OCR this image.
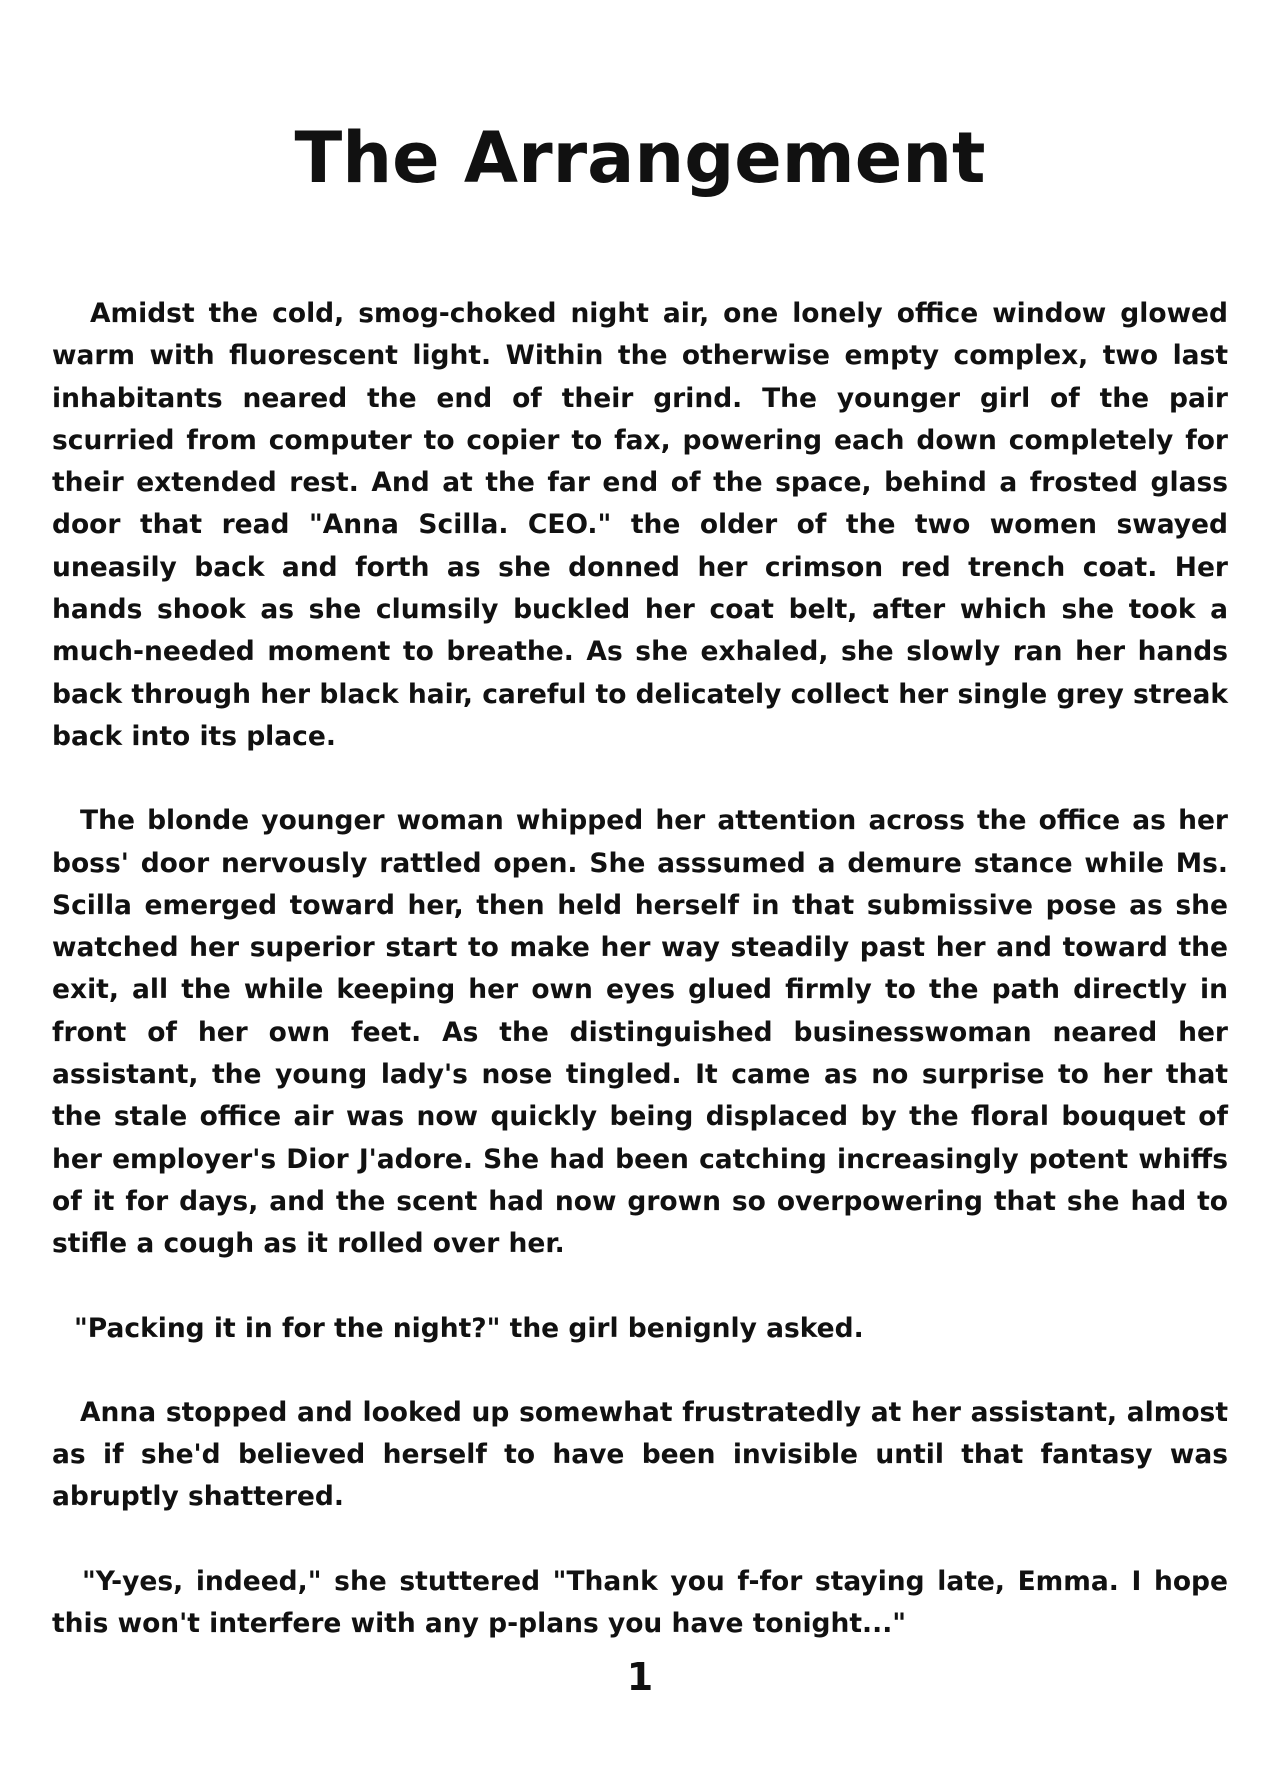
The Arrangement

Amidst the cold, smog-choked night air, one lonely office window glowed warm with fluorescent light. Within the otherwise empty complex, two last inhabitants neared the end of their grind. The younger girl of the pair scurried from computer to copier to fax, powering each down completely for their extended rest. And at the far end of the space, behind a frosted glass door that read "Anna Scilla. CEO." the older of the two women swayed uneasily back and forth as she donned her crimson red trench coat. Her hands shook as she clumsily buckled her coat belt, after which she took a much-needed moment to breathe. As she exhaled, she slowly ran her hands back through her black hair, careful to delicately collect her single grey streak back into its place.

The blonde younger woman whipped her attention across the office as her boss' door nervously rattled open. She asssumed a demure stance while Ms. Scilla emerged toward her, then held herself in that submissive pose as she watched her superior start to make her way steadily past her and toward the exit, all the while keeping her own eyes glued firmly to the path directly in front of her own feet. As the distinguished businesswoman neared her assistant, the young lady's nose tingled. It came as no surprise to her that the stale office air was now quickly being displaced by the floral bouquet of her employer's Dior J'adore. She had been catching increasingly potent whiffs of it for days, and the scent had now grown so overpowering that she had to stifle a cough as it rolled over her.

"Packing it in for the night?" the girl benignly asked.

Anna stopped and looked up somewhat frustratedly at her assistant, almost as if she'd believed herself to have been invisible until that fantasy was abruptly shattered.

"Y-yes, indeed," she stuttered "Thank you f-for staying late, Emma. I hope this won't interfere with any p-plans you have tonight..."

1
